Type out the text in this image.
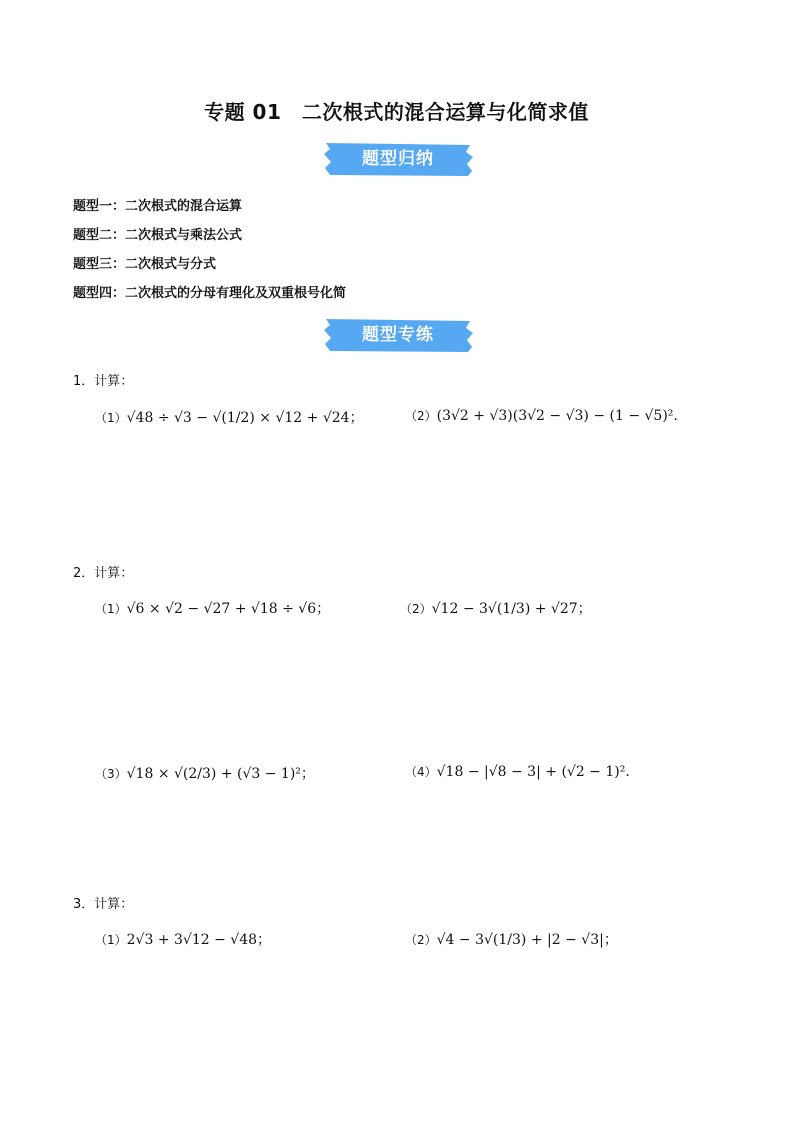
专题 01　二次根式的混合运算与化简求值
题型归纳
题型一：二次根式的混合运算
题型二：二次根式与乘法公式
题型三：二次根式与分式
题型四：二次根式的分母有理化及双重根号化简
题型专练
1．计算：
（1）√48 ÷ √3 − √(1/2) × √12 + √24；	（2）(3√2 + √3)(3√2 − √3) − (1 − √5)².
2．计算：
（1）√6 × √2 − √27 + √18 ÷ √6；	（2）√12 − 3√(1/3) + √27；
（3）√18 × √(2/3) + (√3 − 1)²；	（4）√18 − |√8 − 3| + (√2 − 1)².
3．计算：
（1）2√3 + 3√12 − √48；	（2）√4 − 3√(1/3) + |2 − √3|；
